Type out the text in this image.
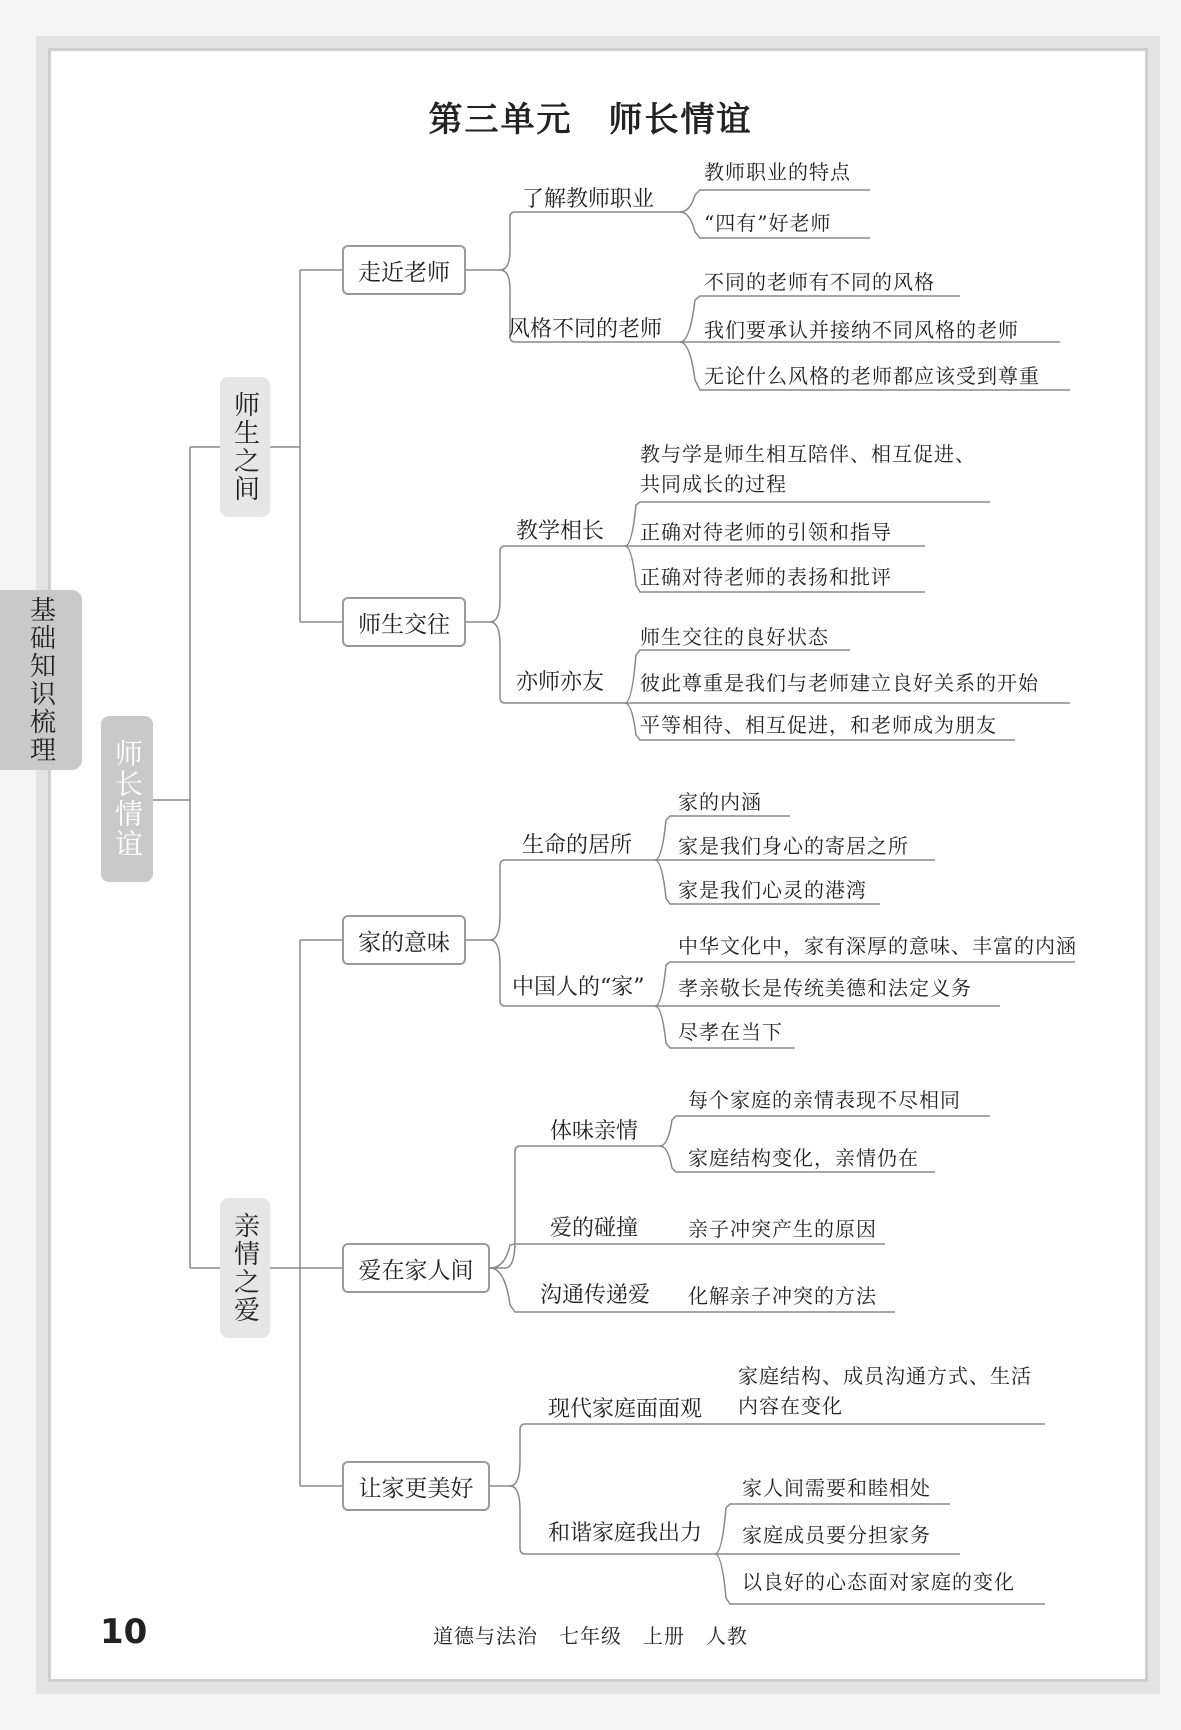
基础知识梳理
第三单元　师长情谊
师长情谊
师生之间
亲情之爱
走近老师
师生交往
家的意味
爱在家人间
让家更美好
了解教师职业
风格不同的老师
教学相长
亦师亦友
生命的居所
中国人的“家”
体味亲情
爱的碰撞
沟通传递爱
现代家庭面面观
和谐家庭我出力
教师职业的特点
“四有”好老师
不同的老师有不同的风格
我们要承认并接纳不同风格的老师
无论什么风格的老师都应该受到尊重
教与学是师生相互陪伴、相互促进、
共同成长的过程
正确对待老师的引领和指导
正确对待老师的表扬和批评
师生交往的良好状态
彼此尊重是我们与老师建立良好关系的开始
平等相待、相互促进，和老师成为朋友
家的内涵
家是我们身心的寄居之所
家是我们心灵的港湾
中华文化中，家有深厚的意味、丰富的内涵
孝亲敬长是传统美德和法定义务
尽孝在当下
每个家庭的亲情表现不尽相同
家庭结构变化，亲情仍在
亲子冲突产生的原因
化解亲子冲突的方法
家庭结构、成员沟通方式、生活
内容在变化
家人间需要和睦相处
家庭成员要分担家务
以良好的心态面对家庭的变化
10	道德与法治　七年级　上册　人教
